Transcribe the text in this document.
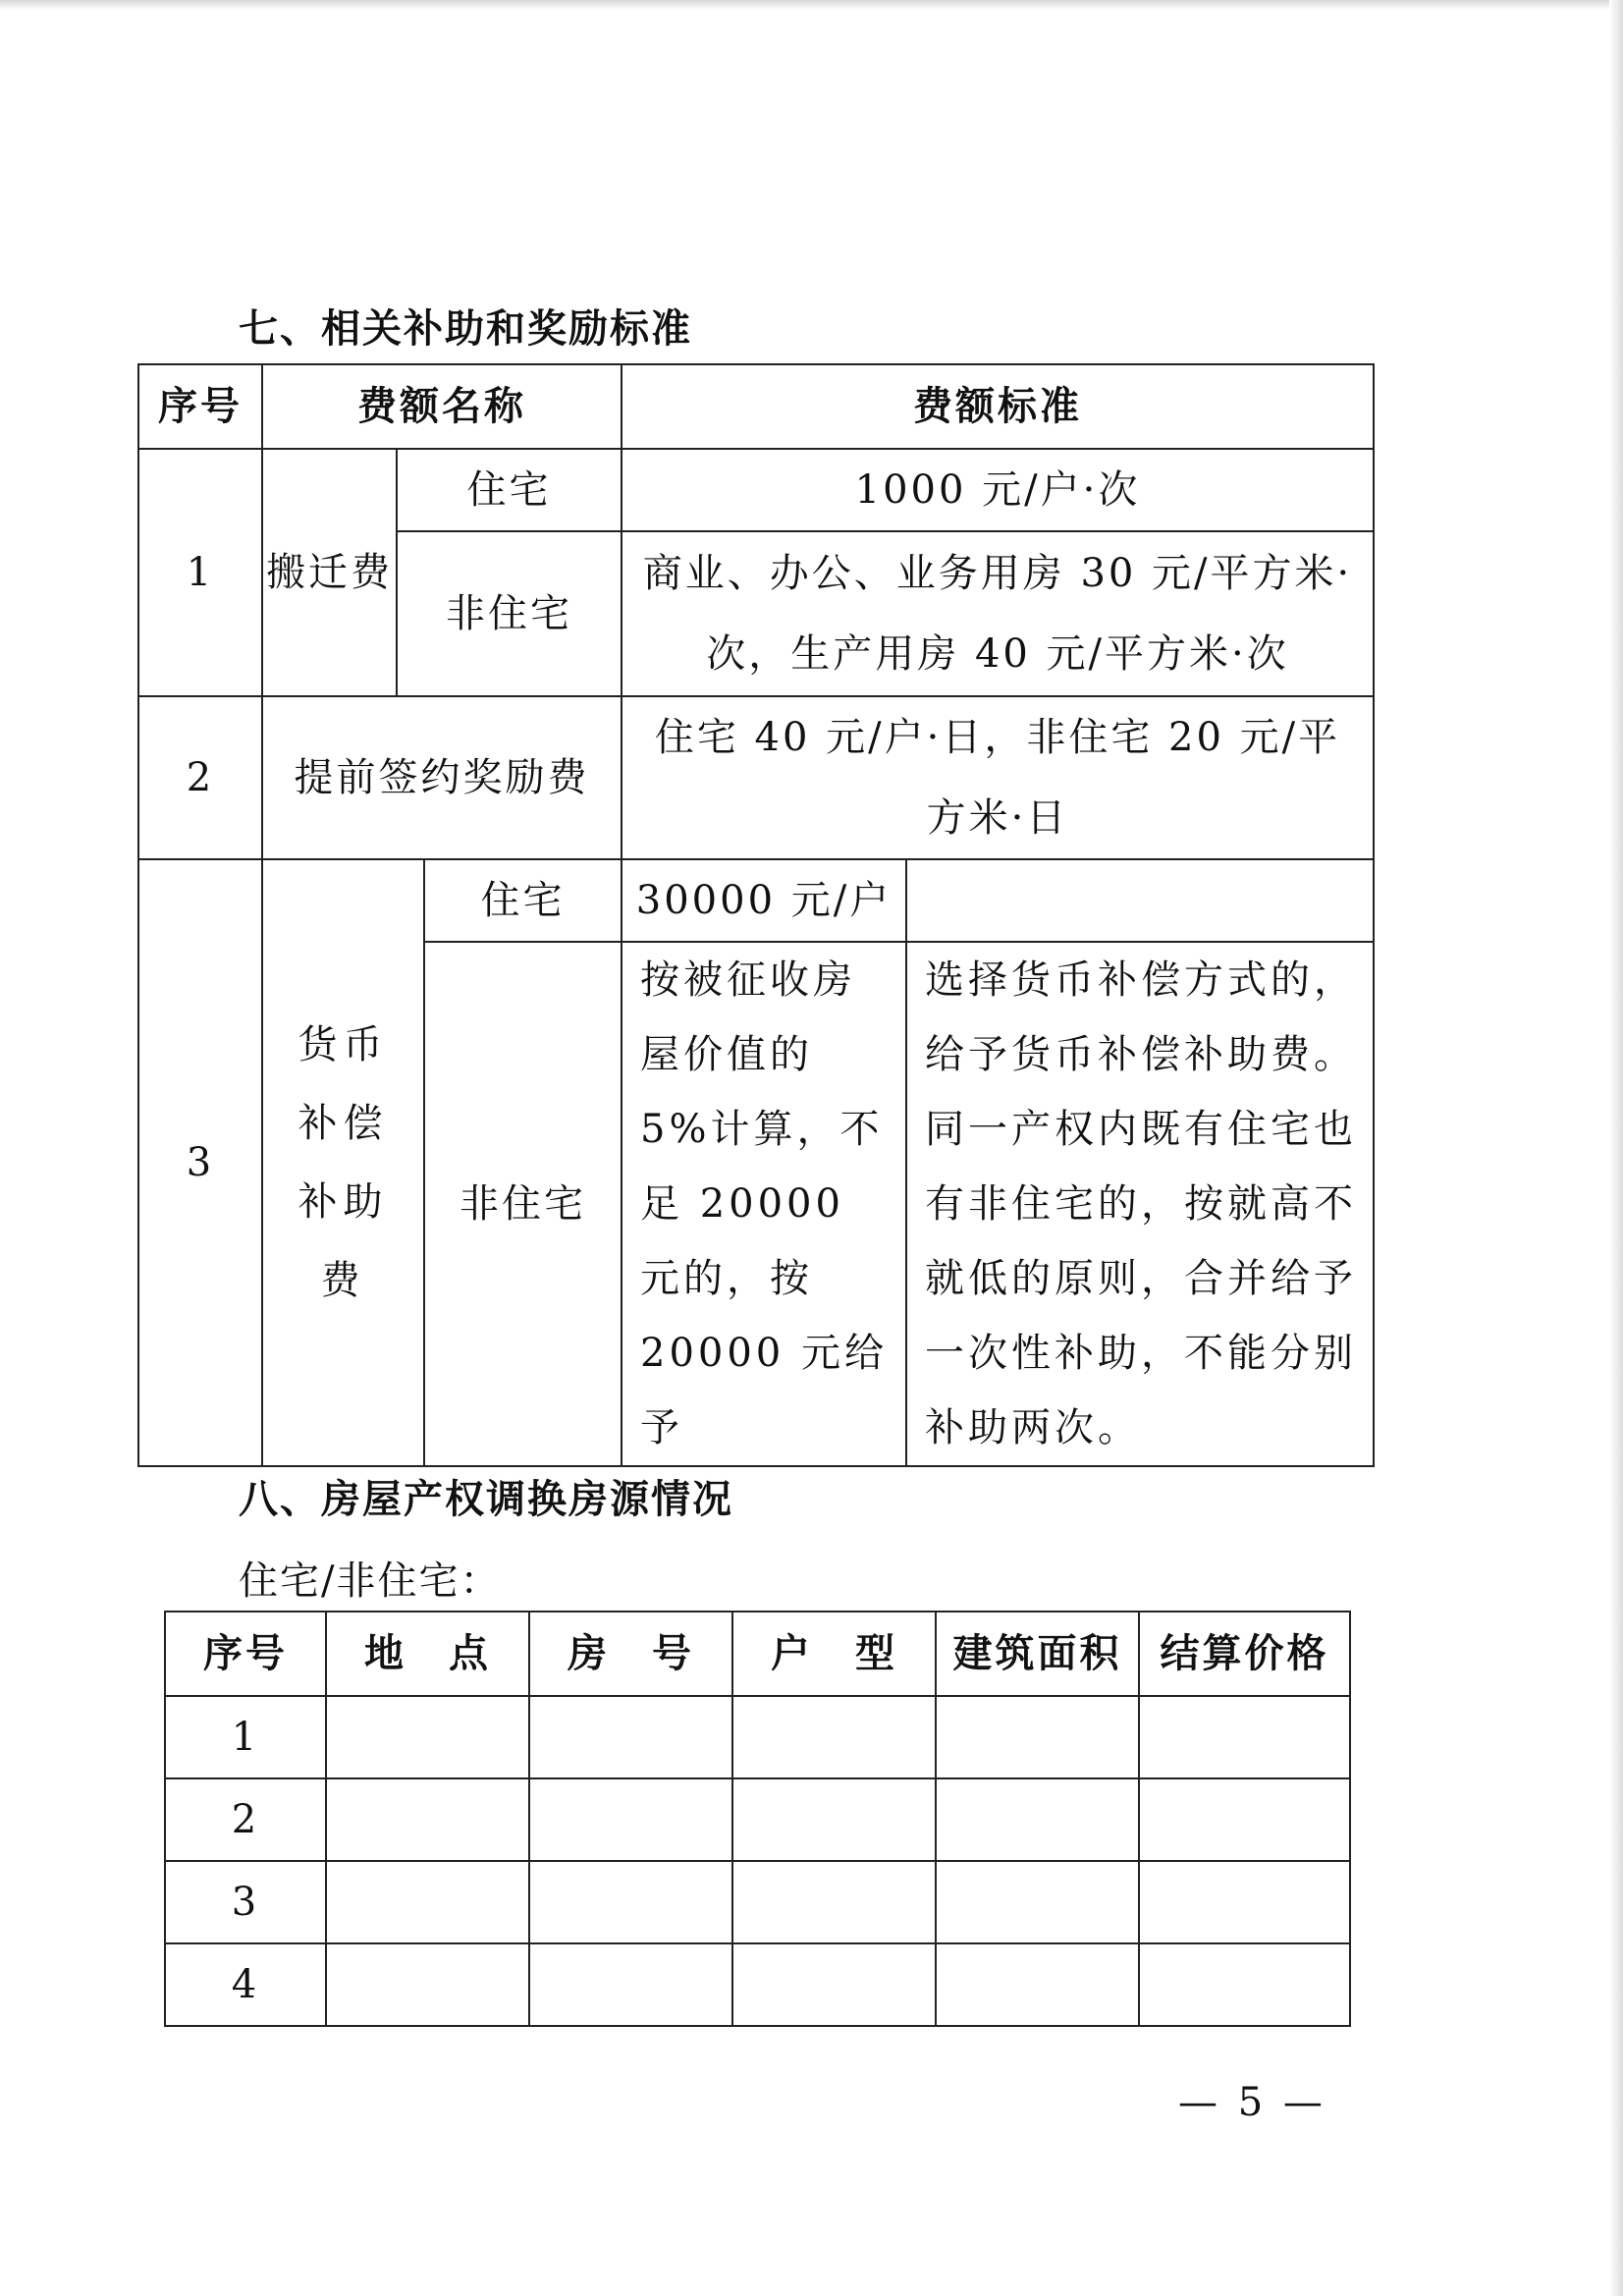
七、相关补助和奖励标准
序号	费额名称			费额标准	
1	搬迁费	住宅		1000 元/户·次	
		非住宅		商业、办公、业务用房 30 元/平方米·次，生产用房 40 元/平方米·次	
2	提前签约奖励费			住宅 40 元/户·日，非住宅 20 元/平方米·日	
3	货币补偿补助费		住宅	30000 元/户	
			非住宅	按被征收房屋价值的 5%计算，不足 20000 元的，按 20000 元给予	选择货币补偿方式的，给予货币补偿补助费。同一产权内既有住宅也有非住宅的，按就高不就低的原则，合并给予一次性补助，不能分别补助两次。
八、房屋产权调换房源情况
住宅/非住宅：
序号	地　点	房　号	户　型	建筑面积	结算价格
1					
2					
3					
4					
— 5 —
